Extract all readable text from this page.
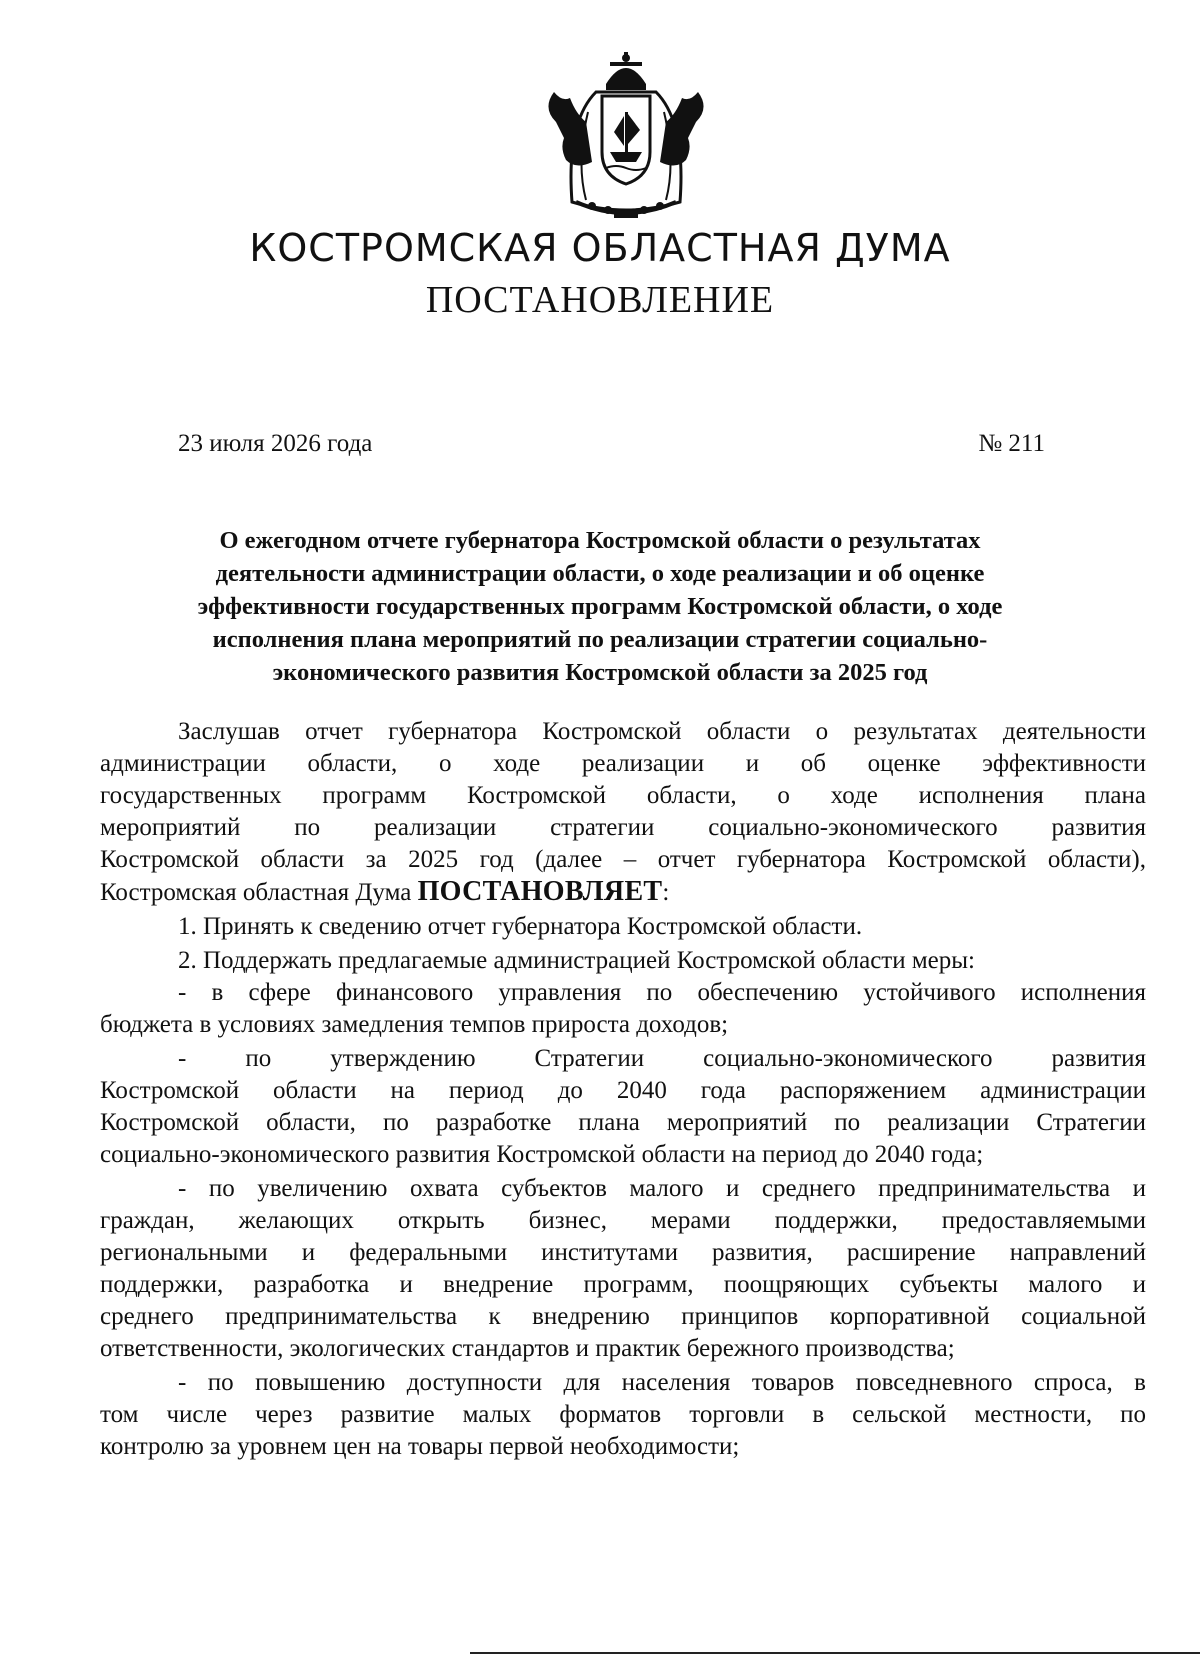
КОСТРОМСКАЯ ОБЛАСТНАЯ ДУМА
ПОСТАНОВЛЕНИЕ
23 июля 2026 года	№ 211
О ежегодном отчете губернатора Костромской области о результатах
деятельности администрации области, о ходе реализации и об оценке
эффективности государственных программ Костромской области, о ходе
исполнения плана мероприятий по реализации стратегии социально-
экономического развития Костромской области за 2025 год

Заслушав отчет губернатора Костромской области о результатах деятельности
администрации области, о ходе реализации и об оценке эффективности
государственных программ Костромской области, о ходе исполнения плана
мероприятий по реализации стратегии социально-экономического развития
Костромской области за 2025 год (далее – отчет губернатора Костромской области),
Костромская областная Дума ПОСТАНОВЛЯЕТ:

1. Принять к сведению отчет губернатора Костромской области.

2. Поддержать предлагаемые администрацией Костромской области меры:

- в сфере финансового управления по обеспечению устойчивого исполнения
бюджета в условиях замедления темпов прироста доходов;

- по утверждению Стратегии социально-экономического развития
Костромской области на период до 2040 года распоряжением администрации
Костромской области, по разработке плана мероприятий по реализации Стратегии
социально-экономического развития Костромской области на период до 2040 года;

- по увеличению охвата субъектов малого и среднего предпринимательства и
граждан, желающих открыть бизнес, мерами поддержки, предоставляемыми
региональными и федеральными институтами развития, расширение направлений
поддержки, разработка и внедрение программ, поощряющих субъекты малого и
среднего предпринимательства к внедрению принципов корпоративной социальной
ответственности, экологических стандартов и практик бережного производства;

- по повышению доступности для населения товаров повседневного спроса, в
том числе через развитие малых форматов торговли в сельской местности, по
контролю за уровнем цен на товары первой необходимости;
